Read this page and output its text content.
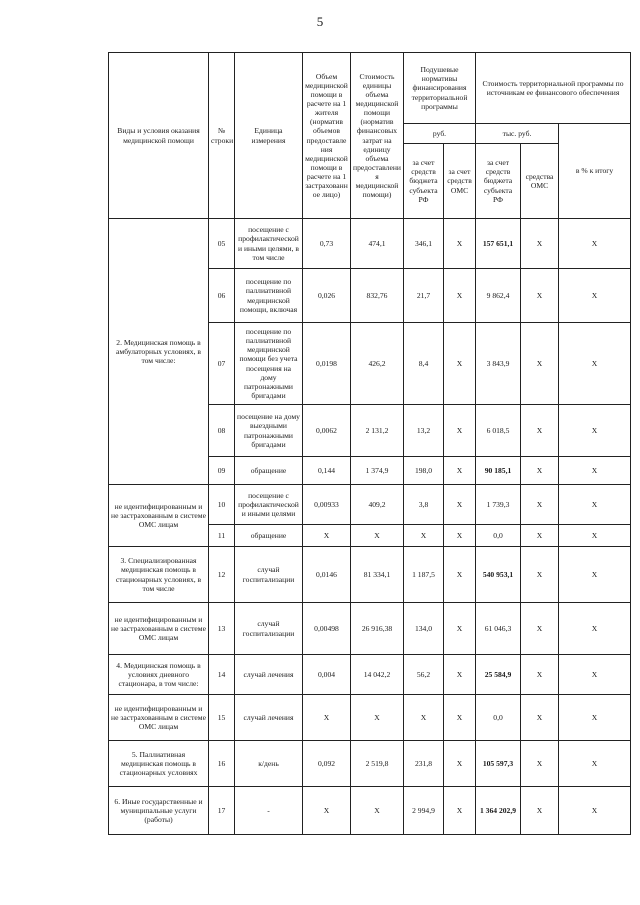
5
Виды и условия оказания медицинской помощи	№ строки	Единица измерения	Объем медицинской помощи в расчете на 1 жителя (норматив объемов предоставления медицинской помощи в расчете на 1 застрахованное лицо)	Стоимость единицы объема медицинской помощи (норматив финансовых затрат на единицу объема предоставления медицинской помощи)	Подушевые нормативы финансирования территориальной программы		Стоимость территориальной программы по источникам ее финансового обеспечения		
					руб.		тыс. руб.		в % к итогу
					за счет средств бюджета субъекта РФ	за счет средств ОМС	за счет средств бюджета субъекта РФ	средства ОМС	
2. Медицинская помощь в амбулаторных условиях, в том числе:	05	посещение с профилактической и иными целями, в том числе	0,73	474,1	346,1	Х	157 651,1	Х	Х
	06	посещение по паллиативной медицинской помощи, включая	0,026	832,76	21,7	Х	9 862,4	Х	Х
	07	посещение по паллиативной медицинской помощи без учета посещения на дому патронажными бригадами	0,0198	426,2	8,4	Х	3 843,9	Х	Х
	08	посещение на дому выездными патронажными бригадами	0,0062	2 131,2	13,2	Х	6 018,5	Х	Х
	09	обращение	0,144	1 374,9	198,0	Х	90 185,1	Х	Х
не идентифицированным и не застрахованным в системе ОМС лицам	10	посещение с профилактической и иными целями	0,00933	409,2	3,8	Х	1 739,3	Х	Х
	11	обращение	Х	Х	Х	Х	0,0	Х	Х
3. Специализированная медицинская помощь в стационарных условиях, в том числе	12	случай госпитализации	0,0146	81 334,1	1 187,5	Х	540 953,1	Х	Х
не идентифицированным и не застрахованным в системе ОМС лицам	13	случай госпитализации	0,00498	26 916,38	134,0	Х	61 046,3	Х	Х
4. Медицинская помощь в условиях дневного стационара, в том числе:	14	случай лечения	0,004	14 042,2	56,2	Х	25 584,9	Х	Х
не идентифицированным и не застрахованным в системе ОМС лицам	15	случай лечения	Х	Х	Х	Х	0,0	Х	Х
5. Паллиативная медицинская помощь в стационарных условиях	16	к/день	0,092	2 519,8	231,8	Х	105 597,3	Х	Х
6. Иные государственные и муниципальные услуги (работы)	17	-	Х	Х	2 994,9	Х	1 364 202,9	Х	Х
